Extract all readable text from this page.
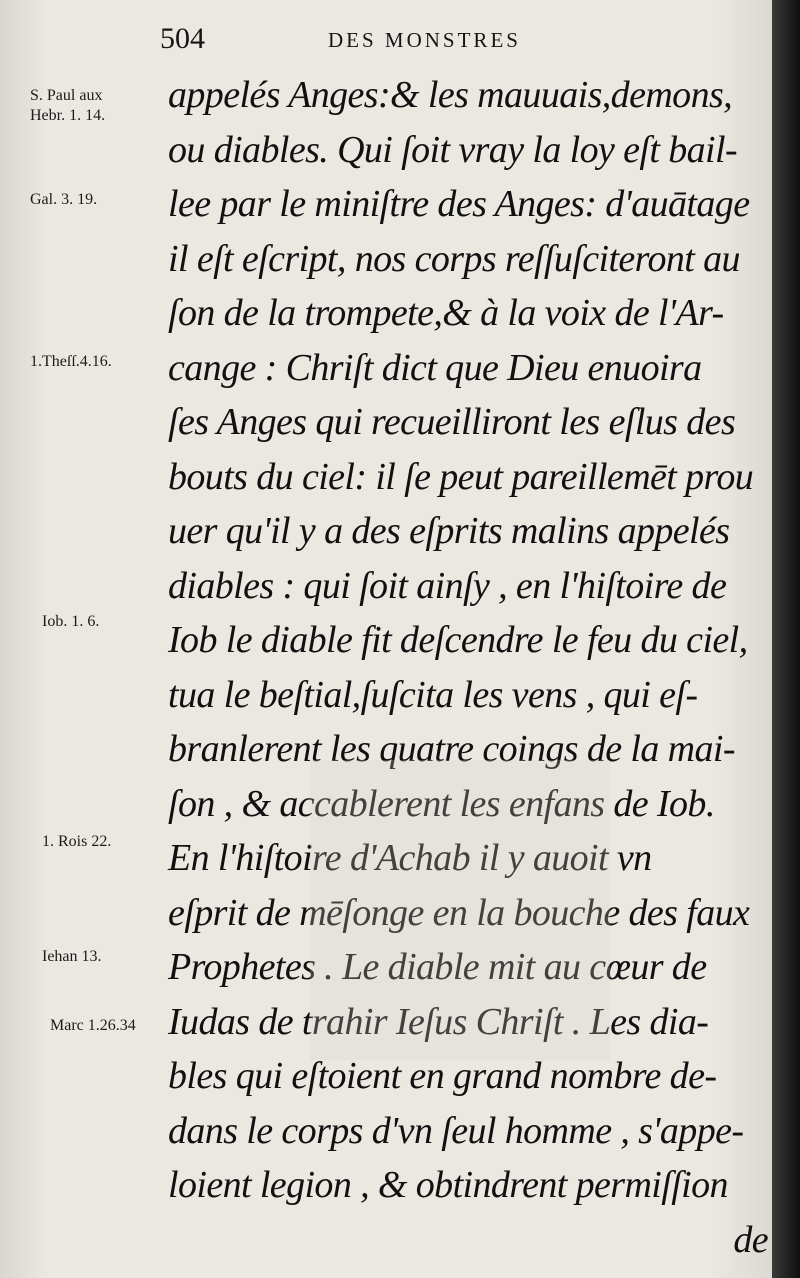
504	DES MONSTRES
S. Paul aux
Hebr. 1. 14.
Gal. 3. 19.
1.Theſſ.4.16.
Iob. 1. 6.
1. Rois 22.
Iehan 13.
Marc 1.26.34
appelés Anges:& les mauuais,demons,
ou diables. Qui ſoit vray la loy eſt bail-
lee par le miniſtre des Anges: d'auātage
il eſt eſcript, nos corps reſſuſciteront au
ſon de la trompete,& à la voix de l'Ar-
cange : Chriſt dict que Dieu enuoira
ſes Anges qui recueilliront les eſlus des
bouts du ciel: il ſe peut pareillemēt prou
uer qu'il y a des eſprits malins appelés
diables : qui ſoit ainſy , en l'hiſtoire de
Iob le diable fit deſcendre le feu du ciel,
tua le beſtial,ſuſcita les vens , qui eſ-
branlerent les quatre coings de la mai-
ſon , & accablerent les enfans de Iob.
En l'hiſtoire d'Achab il y auoit vn
eſprit de mēſonge en la bouche des faux
Prophetes . Le diable mit au cœur de
Iudas de trahir Ieſus Chriſt . Les dia-
bles qui eſtoient en grand nombre de-
dans le corps d'vn ſeul homme , s'appe-
loient legion , & obtindrent permiſſion
de
